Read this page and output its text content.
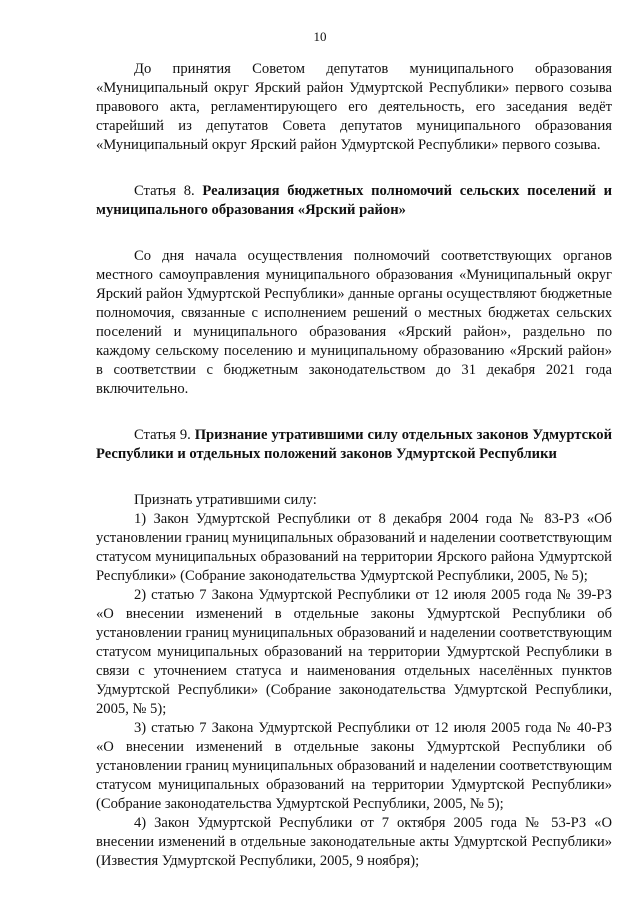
10

До принятия Советом депутатов муниципального образования «Муниципальный округ Ярский район Удмуртской Республики» первого созыва правового акта, регламентирующего его деятельность, его заседания ведёт старейший из депутатов Совета депутатов муниципального образования «Муниципальный округ Ярский район Удмуртской Республики» первого созыва.

Статья 8. Реализация бюджетных полномочий сельских поселений и муниципального образования «Ярский район»

Со дня начала осуществления полномочий соответствующих органов местного самоуправления муниципального образования «Муниципальный округ Ярский район Удмуртской Республики» данные органы осуществляют бюджетные полномочия, связанные с исполнением решений о местных бюджетах сельских поселений и муниципального образования «Ярский район», раздельно по каждому сельскому поселению и муниципальному образованию «Ярский район» в соответствии с бюджетным законодательством до 31 декабря 2021 года включительно.

Статья 9. Признание утратившими силу отдельных законов Удмуртской Республики и отдельных положений законов Удмуртской Республики

Признать утратившими силу:

1) Закон Удмуртской Республики от 8 декабря 2004 года № 83-РЗ «Об установлении границ муниципальных образований и наделении соответствующим статусом муниципальных образований на территории Ярского района Удмуртской Республики» (Собрание законодательства Удмуртской Республики, 2005, № 5);

2) статью 7 Закона Удмуртской Республики от 12 июля 2005 года № 39-РЗ «О внесении изменений в отдельные законы Удмуртской Республики об установлении границ муниципальных образований и наделении соответствующим статусом муниципальных образований на территории Удмуртской Республики в связи с уточнением статуса и наименования отдельных населённых пунктов Удмуртской Республики» (Собрание законодательства Удмуртской Республики, 2005, № 5);

3) статью 7 Закона Удмуртской Республики от 12 июля 2005 года № 40-РЗ «О внесении изменений в отдельные законы Удмуртской Республики об установлении границ муниципальных образований и наделении соответствующим статусом муниципальных образований на территории Удмуртской Республики» (Собрание законодательства Удмуртской Республики, 2005, № 5);

4) Закон Удмуртской Республики от 7 октября 2005 года № 53-РЗ «О внесении изменений в отдельные законодательные акты Удмуртской Республики» (Известия Удмуртской Республики, 2005, 9 ноября);
